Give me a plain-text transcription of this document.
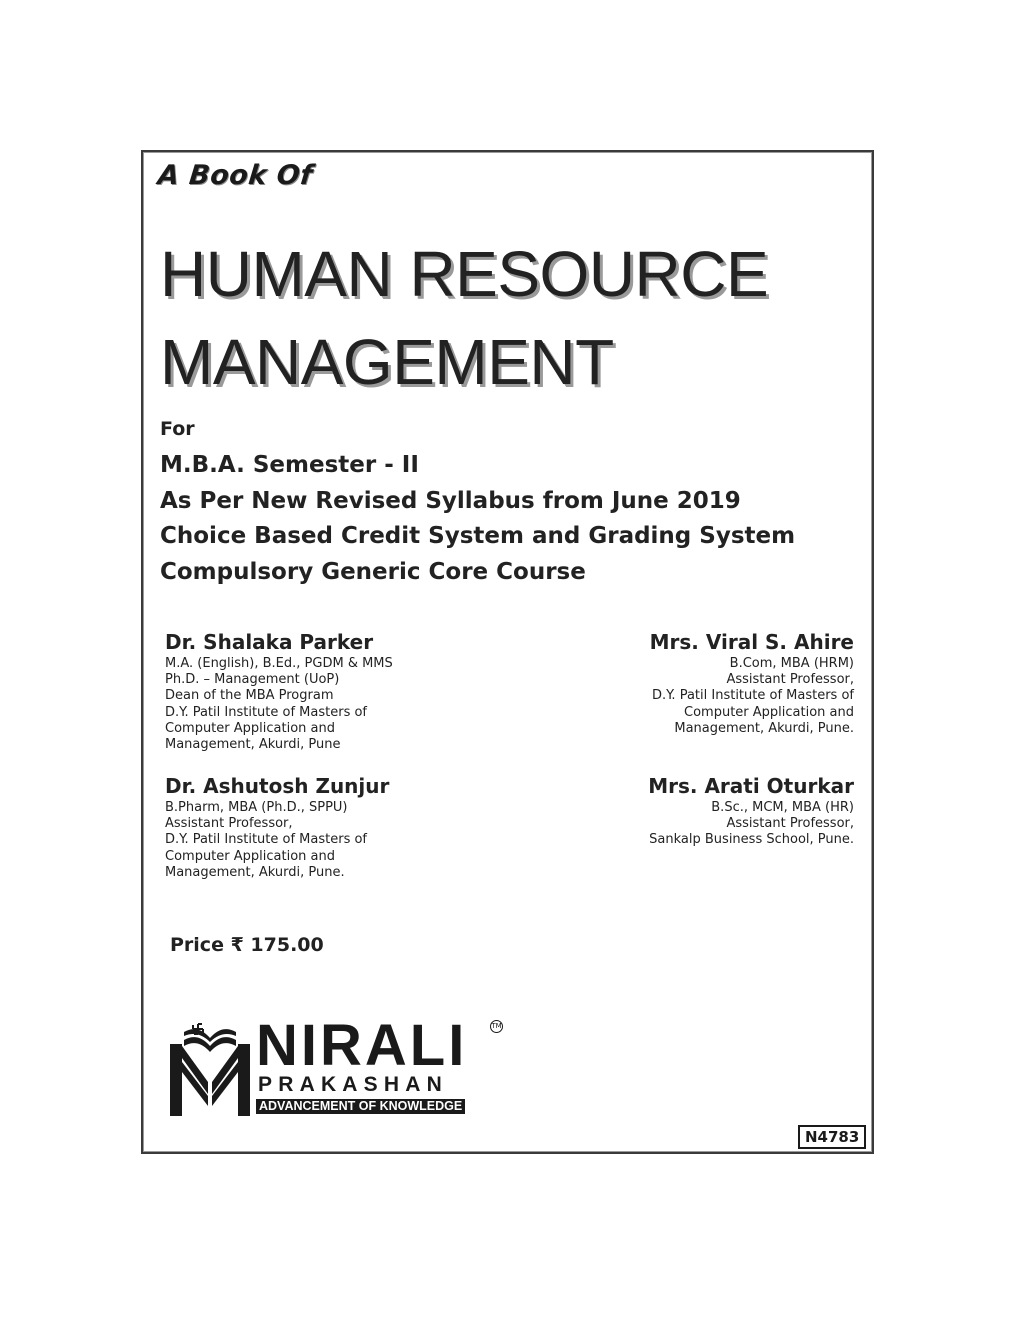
A Book Of
HUMAN RESOURCE
MANAGEMENT
For
M.B.A. Semester - II
As Per New Revised Syllabus from June 2019
Choice Based Credit System and Grading System
Compulsory Generic Core Course
Dr. Shalaka Parker
M.A. (English), B.Ed., PGDM & MMS
Ph.D. – Management (UoP)
Dean of the MBA Program
D.Y. Patil Institute of Masters of
Computer Application and
Management, Akurdi, Pune
Mrs. Viral S. Ahire
B.Com, MBA (HRM)
Assistant Professor,
D.Y. Patil Institute of Masters of
Computer Application and
Management, Akurdi, Pune.
Dr. Ashutosh Zunjur
B.Pharm, MBA (Ph.D., SPPU)
Assistant Professor,
D.Y. Patil Institute of Masters of
Computer Application and
Management, Akurdi, Pune.
Mrs. Arati Oturkar
B.Sc., MCM, MBA (HR)
Assistant Professor,
Sankalp Business School, Pune.
Price ₹ 175.00
NIRALI	TM
PRAKASHAN
ADVANCEMENT OF KNOWLEDGE
N4783
